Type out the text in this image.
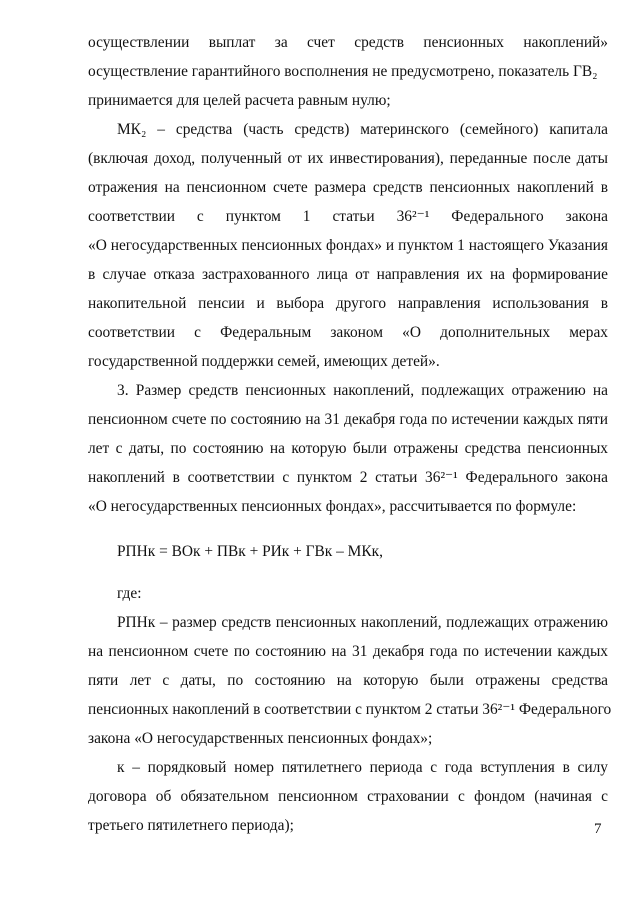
осуществлении выплат за счет средств пенсионных накоплений»
осуществление гарантийного восполнения не предусмотрено, показатель ГВ₂
принимается для целей расчета равным нулю;
МК₂ – средства (часть средств) материнского (семейного) капитала
(включая доход, полученный от их инвестирования), переданные после даты
отражения на пенсионном счете размера средств пенсионных накоплений в
соответствии с пунктом 1 статьи 36²⁻¹ Федерального закона
«О негосударственных пенсионных фондах» и пунктом 1 настоящего Указания
в случае отказа застрахованного лица от направления их на формирование
накопительной пенсии и выбора другого направления использования в
соответствии с Федеральным законом «О дополнительных мерах
государственной поддержки семей, имеющих детей».
3. Размер средств пенсионных накоплений, подлежащих отражению на
пенсионном счете по состоянию на 31 декабря года по истечении каждых пяти
лет с даты, по состоянию на которую были отражены средства пенсионных
накоплений в соответствии с пунктом 2 статьи 36²⁻¹ Федерального закона
«О негосударственных пенсионных фондах», рассчитывается по формуле:
РПНк = ВОк + ПВк + РИк + ГВк – МКк,
где:
РПНк – размер средств пенсионных накоплений, подлежащих отражению
на пенсионном счете по состоянию на 31 декабря года по истечении каждых
пяти лет с даты, по состоянию на которую были отражены средства
пенсионных накоплений в соответствии с пунктом 2 статьи 36²⁻¹ Федерального
закона «О негосударственных пенсионных фондах»;
к – порядковый номер пятилетнего периода с года вступления в силу
договора об обязательном пенсионном страховании с фондом (начиная с
третьего пятилетнего периода);	7
